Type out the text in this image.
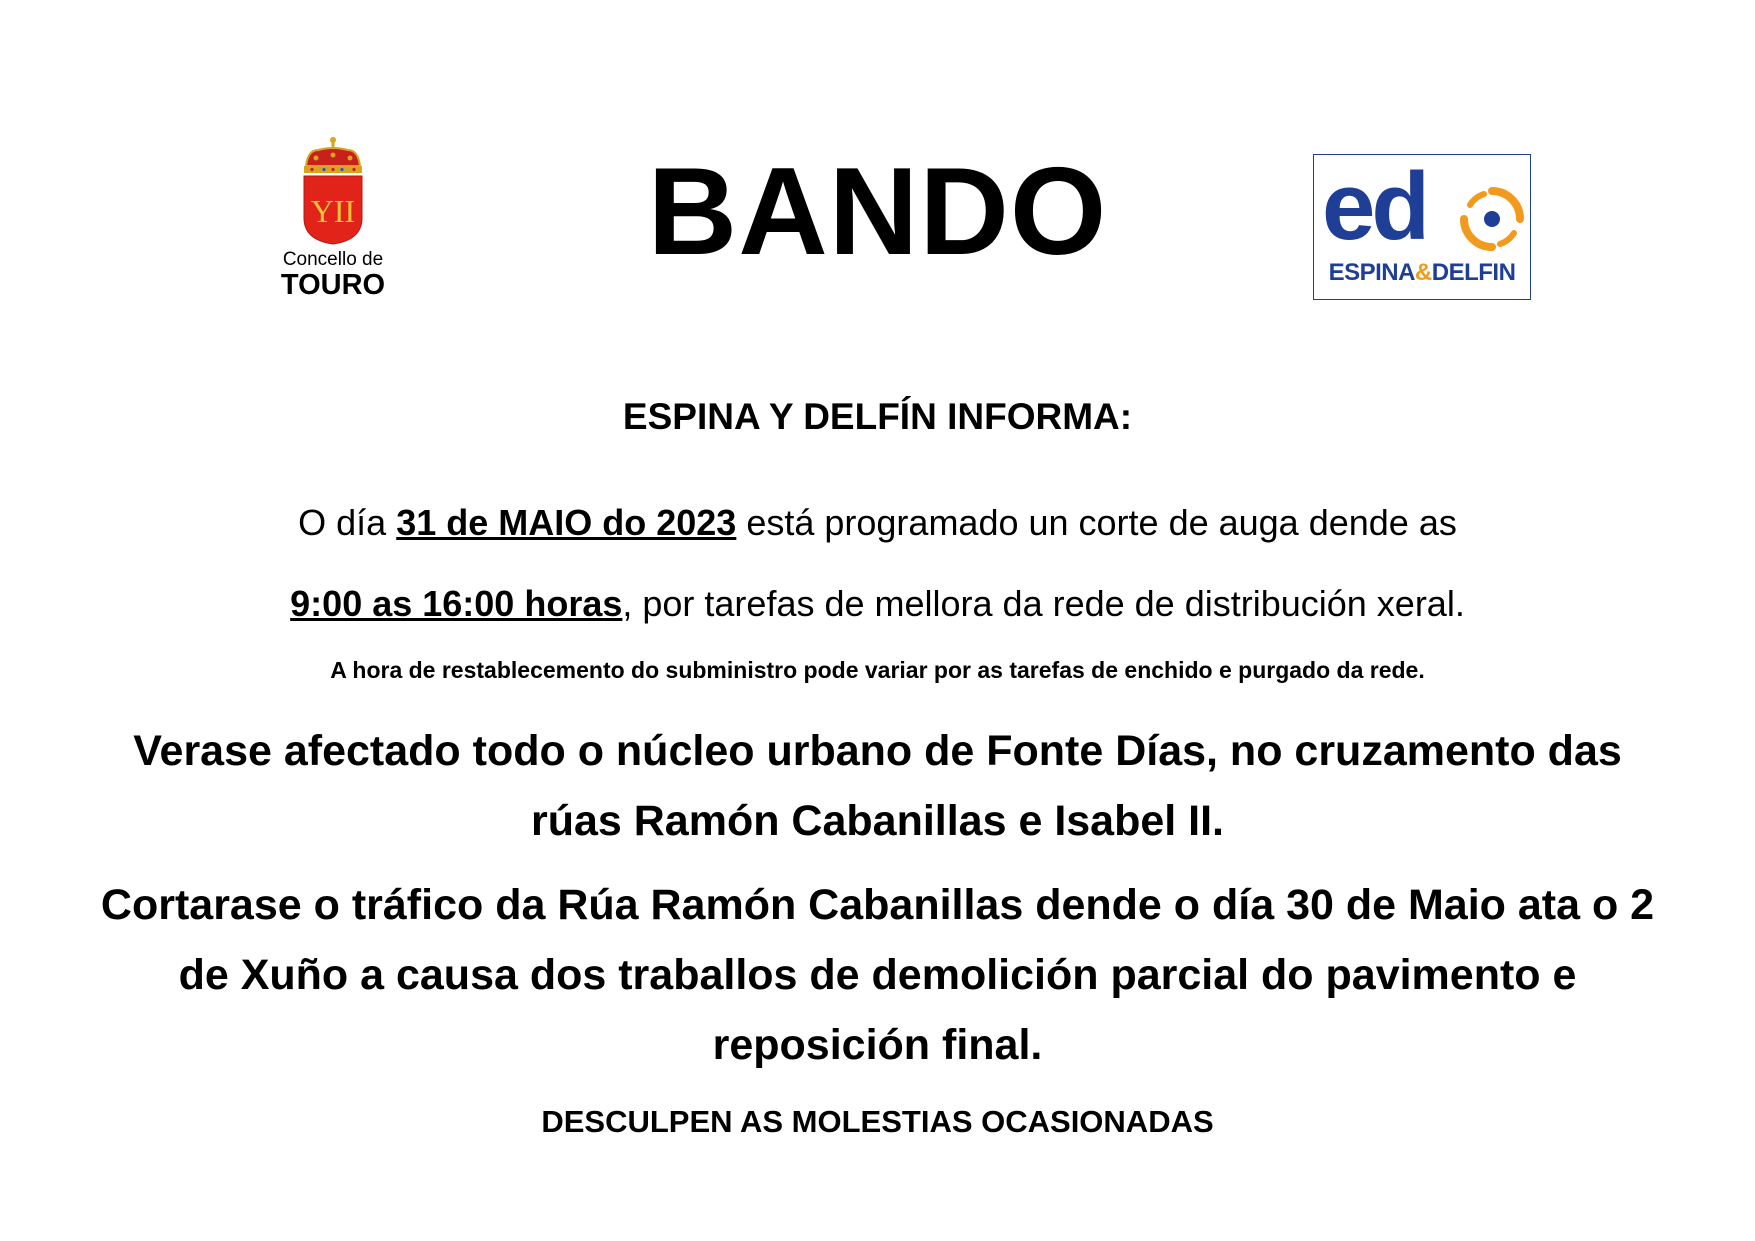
YII
Concello de
TOURO
BANDO	ed
ESPINA&DELFIN
ESPINA Y DELFÍN INFORMA:
O día 31 de MAIO do 2023 está programado un corte de auga dende as
9:00 as 16:00 horas, por tarefas de mellora da rede de distribución xeral.
A hora de restablecemento do subministro pode variar por as tarefas de enchido e purgado da rede.
Verase afectado todo o núcleo urbano de Fonte Días, no cruzamento das rúas Ramón Cabanillas e Isabel II.
Cortarase o tráfico da Rúa Ramón Cabanillas dende o día 30 de Maio ata o 2 de Xuño a causa dos traballos de demolición parcial do pavimento e reposición final.
DESCULPEN AS MOLESTIAS OCASIONADAS
